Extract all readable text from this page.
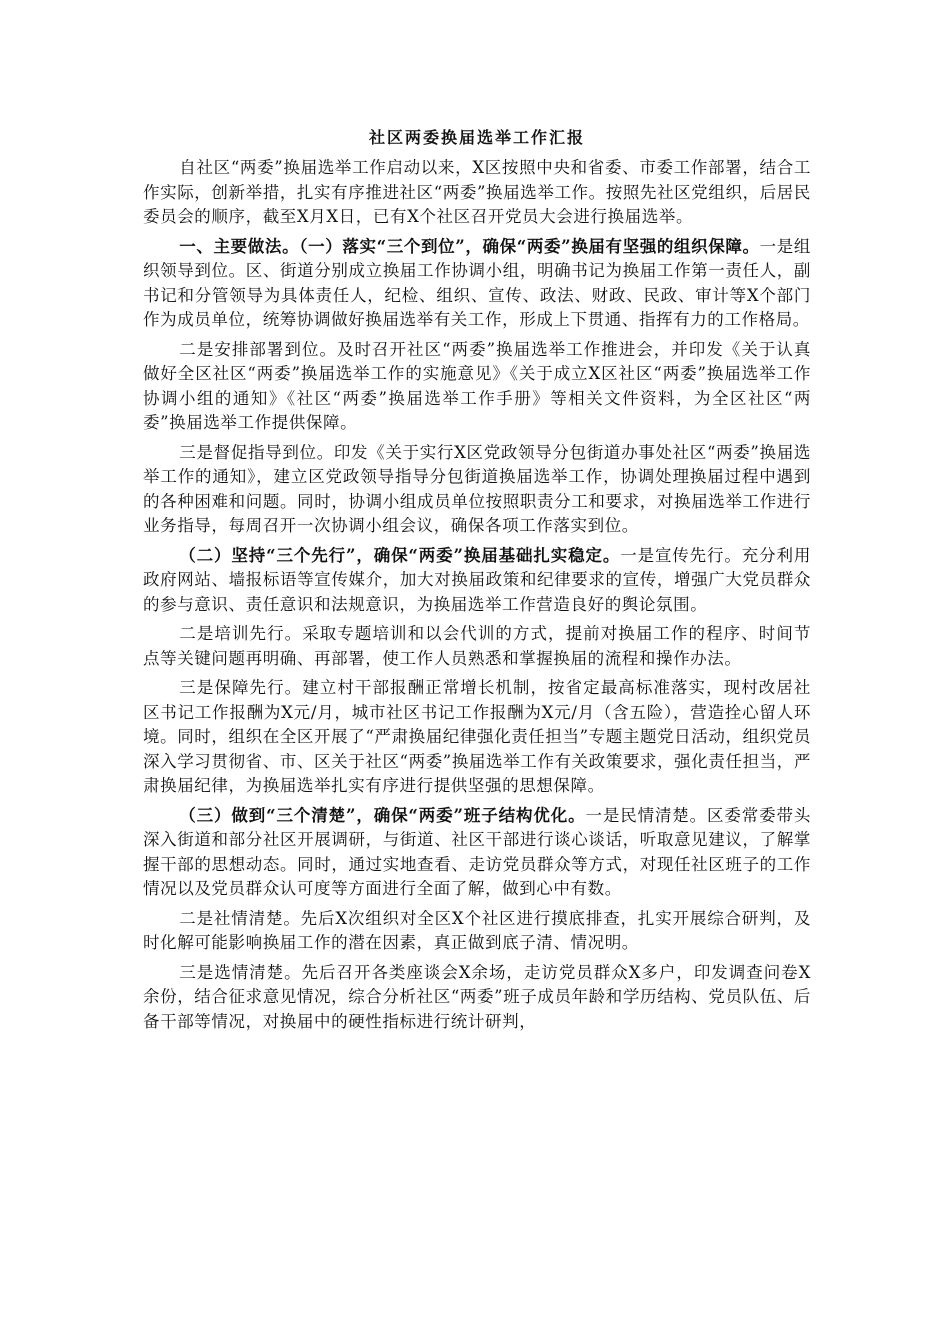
社区两委换届选举工作汇报

自社区“两委”换届选举工作启动以来，X区按照中央和省委、市委工作部署，结合工作实际，创新举措，扎实有序推进社区“两委”换届选举工作。按照先社区党组织，后居民委员会的顺序，截至X月X日，已有X个社区召开党员大会进行换届选举。

一、主要做法。（一）落实“三个到位”，确保“两委”换届有坚强的组织保障。一是组织领导到位。区、街道分别成立换届工作协调小组，明确书记为换届工作第一责任人，副书记和分管领导为具体责任人，纪检、组织、宣传、政法、财政、民政、审计等X个部门作为成员单位，统筹协调做好换届选举有关工作，形成上下贯通、指挥有力的工作格局。

二是安排部署到位。及时召开社区“两委”换届选举工作推进会，并印发《关于认真做好全区社区“两委”换届选举工作的实施意见》《关于成立X区社区“两委”换届选举工作协调小组的通知》《社区“两委”换届选举工作手册》等相关文件资料，为全区社区“两委”换届选举工作提供保障。

三是督促指导到位。印发《关于实行X区党政领导分包街道办事处社区“两委”换届选举工作的通知》，建立区党政领导指导分包街道换届选举工作，协调处理换届过程中遇到的各种困难和问题。同时，协调小组成员单位按照职责分工和要求，对换届选举工作进行业务指导，每周召开一次协调小组会议，确保各项工作落实到位。

（二）坚持“三个先行”，确保“两委”换届基础扎实稳定。一是宣传先行。充分利用政府网站、墙报标语等宣传媒介，加大对换届政策和纪律要求的宣传，增强广大党员群众的参与意识、责任意识和法规意识，为换届选举工作营造良好的舆论氛围。

二是培训先行。采取专题培训和以会代训的方式，提前对换届工作的程序、时间节点等关键问题再明确、再部署，使工作人员熟悉和掌握换届的流程和操作办法。

三是保障先行。建立村干部报酬正常增长机制，按省定最高标准落实，现村改居社区书记工作报酬为X元/月，城市社区书记工作报酬为X元/月（含五险），营造拴心留人环境。同时，组织在全区开展了“严肃换届纪律强化责任担当”专题主题党日活动，组织党员深入学习贯彻省、市、区关于社区“两委”换届选举工作有关政策要求，强化责任担当，严肃换届纪律，为换届选举扎实有序进行提供坚强的思想保障。

（三）做到“三个清楚”，确保“两委”班子结构优化。一是民情清楚。区委常委带头深入街道和部分社区开展调研，与街道、社区干部进行谈心谈话，听取意见建议，了解掌握干部的思想动态。同时，通过实地查看、走访党员群众等方式，对现任社区班子的工作情况以及党员群众认可度等方面进行全面了解，做到心中有数。

二是社情清楚。先后X次组织对全区X个社区进行摸底排查，扎实开展综合研判，及时化解可能影响换届工作的潜在因素，真正做到底子清、情况明。

三是选情清楚。先后召开各类座谈会X余场，走访党员群众X多户，印发调查问卷X余份，结合征求意见情况，综合分析社区“两委”班子成员年龄和学历结构、党员队伍、后备干部等情况，对换届中的硬性指标进行统计研判，
